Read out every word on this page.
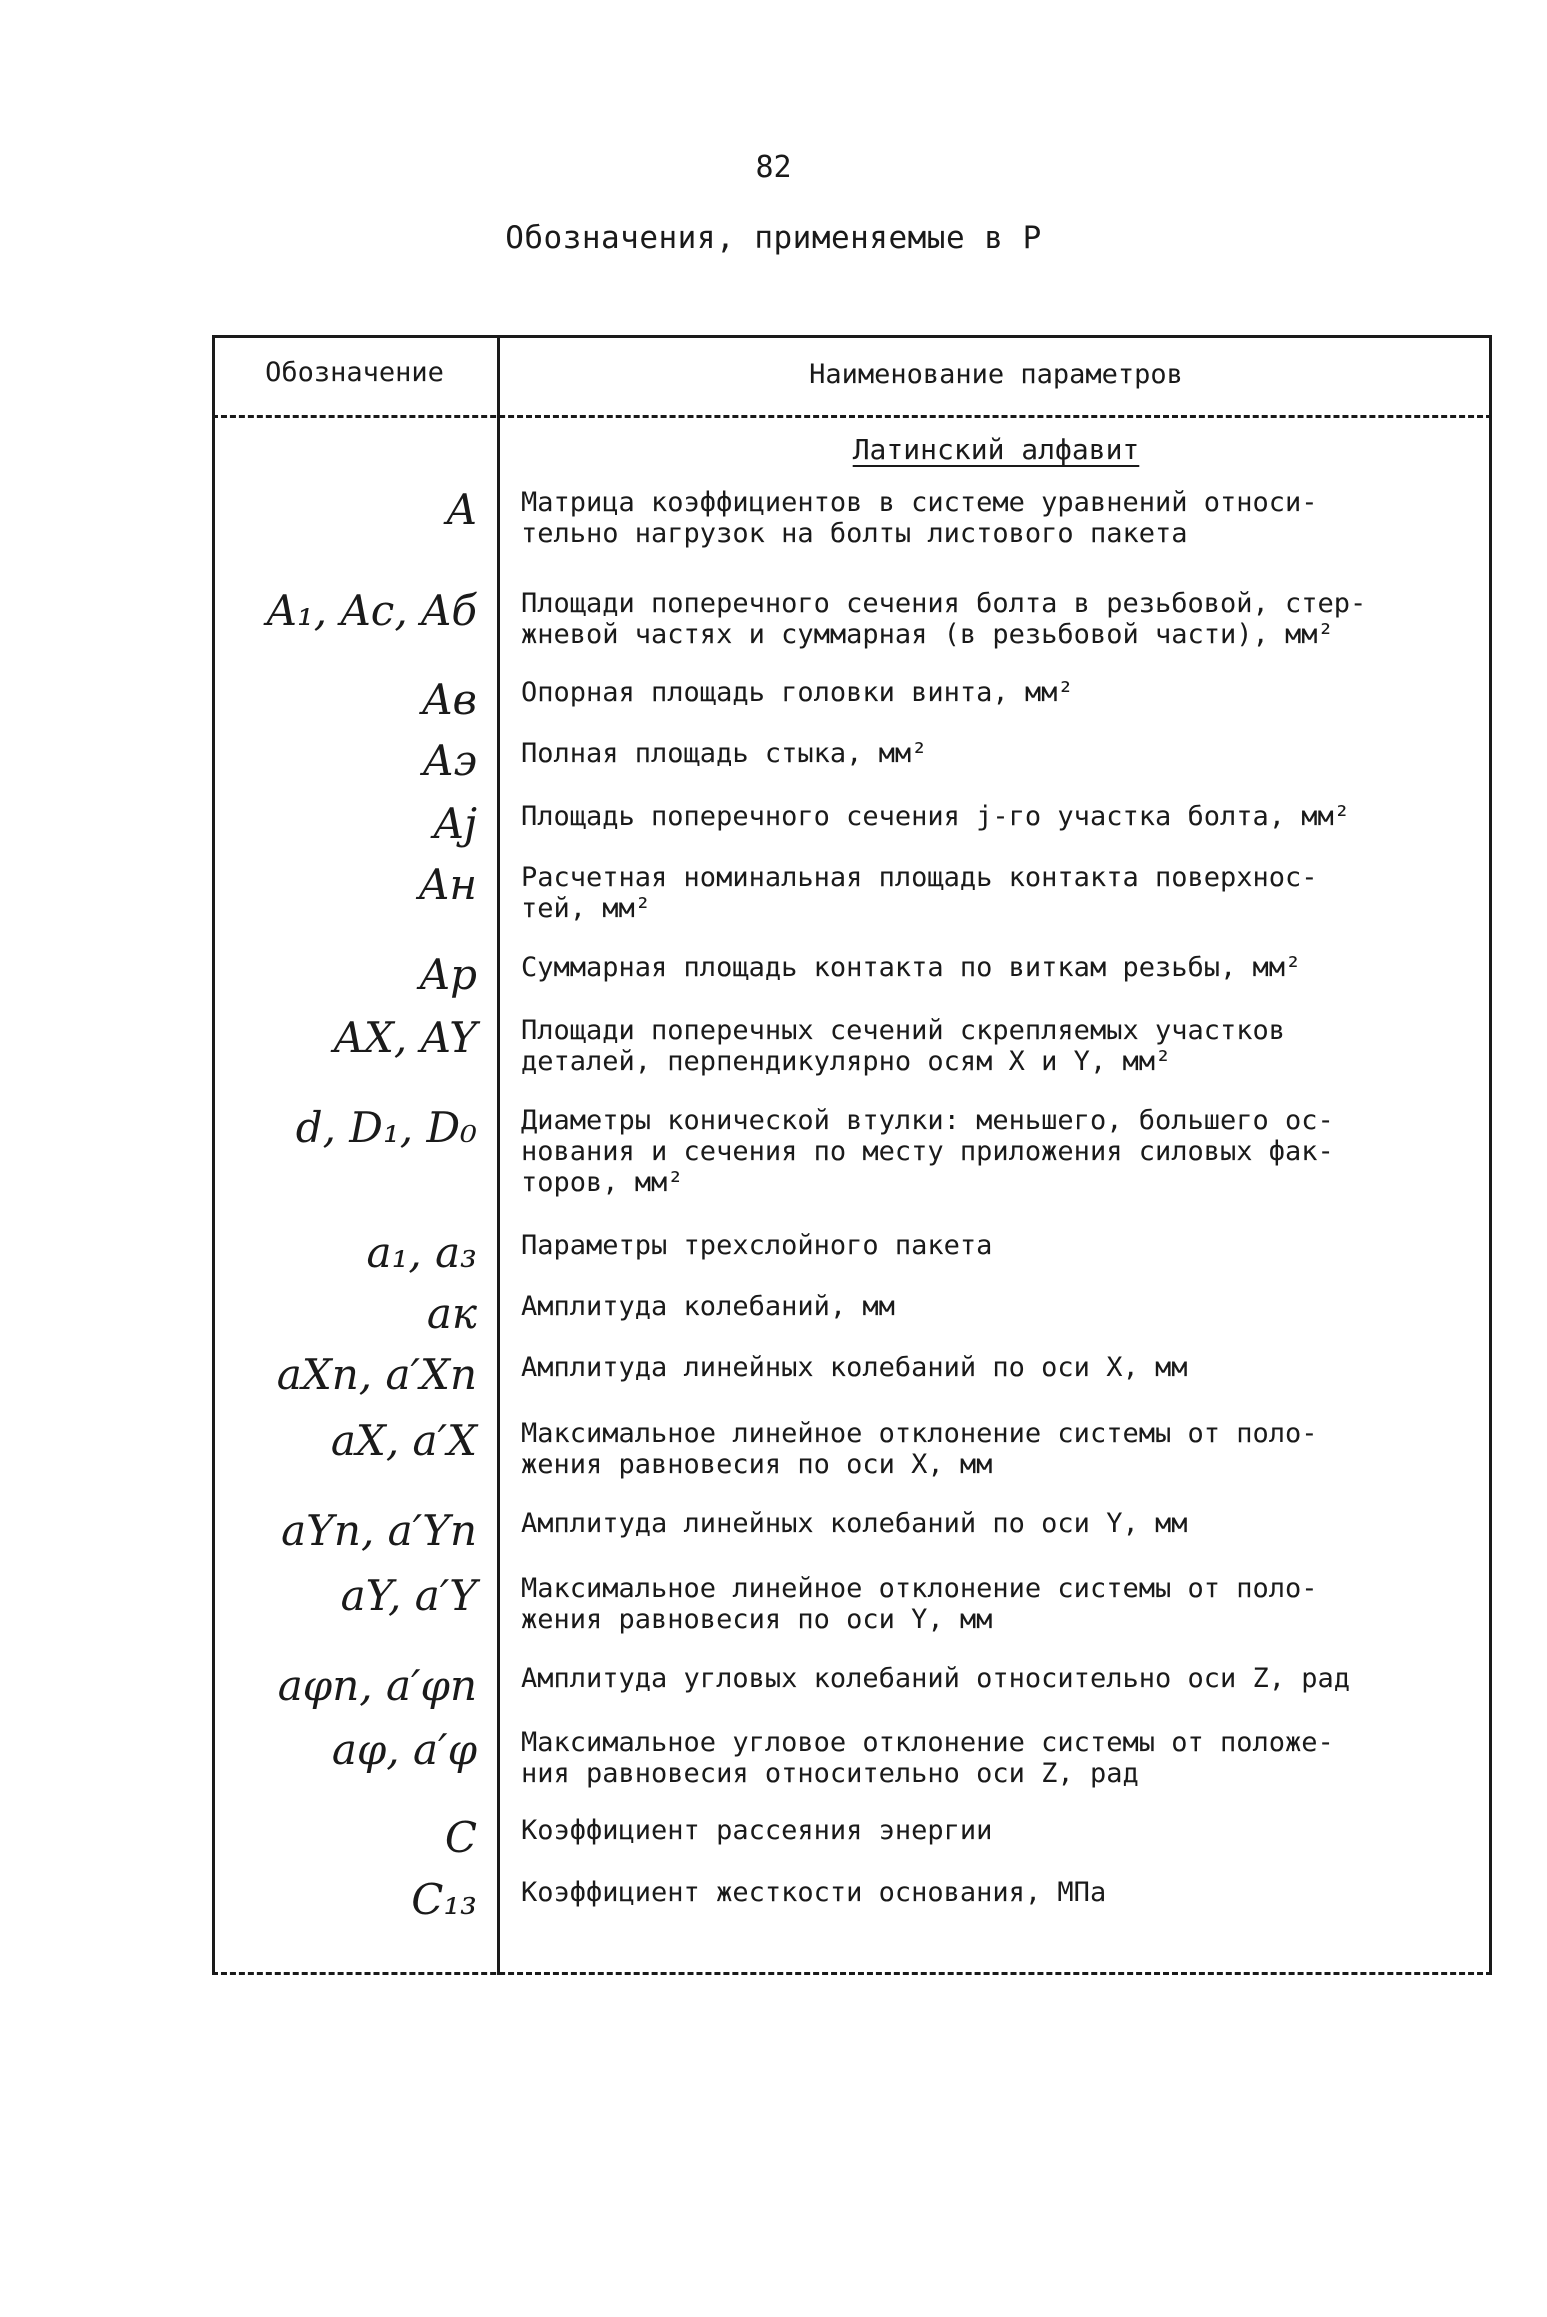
82
Обозначения, применяемые в Р
Обозначение	Наименование параметров
Латинский алфавит
A	Матрица коэффициентов в системе уравнений относи-
тельно нагрузок на болты листового пакета
A₁, Aс, Aб	Площади поперечного сечения болта в резьбовой, стер-
жневой частях и суммарная (в резьбовой части), мм²
Aв	Опорная площадь головки винта, мм²
Aэ	Полная площадь стыка, мм²
Aj	Площадь поперечного сечения j-го участка болта, мм²
Aн	Расчетная номинальная площадь контакта поверхнос-
тей, мм²
Aр	Суммарная площадь контакта по виткам резьбы, мм²
AX, AY	Площади поперечных сечений скрепляемых участков
деталей, перпендикулярно осям X и Y, мм²
d, D₁, D₀	Диаметры конической втулки: меньшего, большего ос-
нования и сечения по месту приложения силовых фак-
торов, мм²
a₁, a₃	Параметры трехслойного пакета
aк	Амплитуда колебаний, мм
aXп, a′Xп	Амплитуда линейных колебаний по оси X, мм
aX, a′X	Максимальное линейное отклонение системы от поло-
жения равновесия по оси X, мм
aYп, a′Yп	Амплитуда линейных колебаний по оси Y, мм
aY, a′Y	Максимальное линейное отклонение системы от поло-
жения равновесия по оси Y, мм
aφп, a′φп	Амплитуда угловых колебаний относительно оси Z, рад
aφ, a′φ	Максимальное угловое отклонение системы от положе-
ния равновесия относительно оси Z, рад
C	Коэффициент рассеяния энергии
C₁₃	Коэффициент жесткости основания, МПа
